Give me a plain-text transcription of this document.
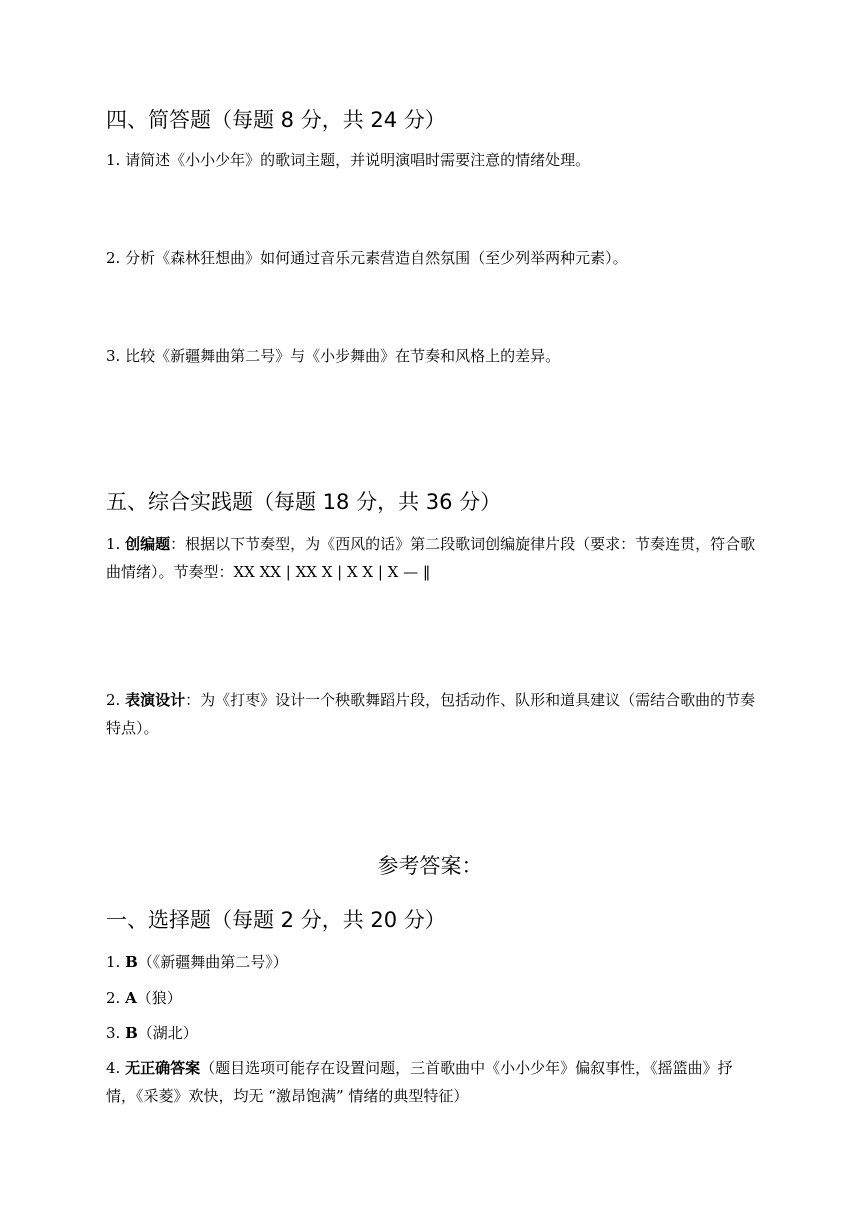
四、简答题（每题 8 分，共 24 分）
1. 请简述《小小少年》的歌词主题，并说明演唱时需要注意的情绪处理。
2. 分析《森林狂想曲》如何通过音乐元素营造自然氛围（至少列举两种元素）。
3. 比较《新疆舞曲第二号》与《小步舞曲》在节奏和风格上的差异。
五、综合实践题（每题 18 分，共 36 分）
1. 创编题：根据以下节奏型，为《西风的话》第二段歌词创编旋律片段（要求：节奏连贯，符合歌曲情绪）。节奏型：XX XX | XX X | X X | X — ‖
2. 表演设计：为《打枣》设计一个秧歌舞蹈片段，包括动作、队形和道具建议（需结合歌曲的节奏特点）。
参考答案：
一、选择题（每题 2 分，共 20 分）
1. B（《新疆舞曲第二号》）
2. A（狼）
3. B（湖北）
4. 无正确答案（题目选项可能存在设置问题，三首歌曲中《小小少年》偏叙事性，《摇篮曲》抒情，《采菱》欢快，均无 “激昂饱满” 情绪的典型特征）
